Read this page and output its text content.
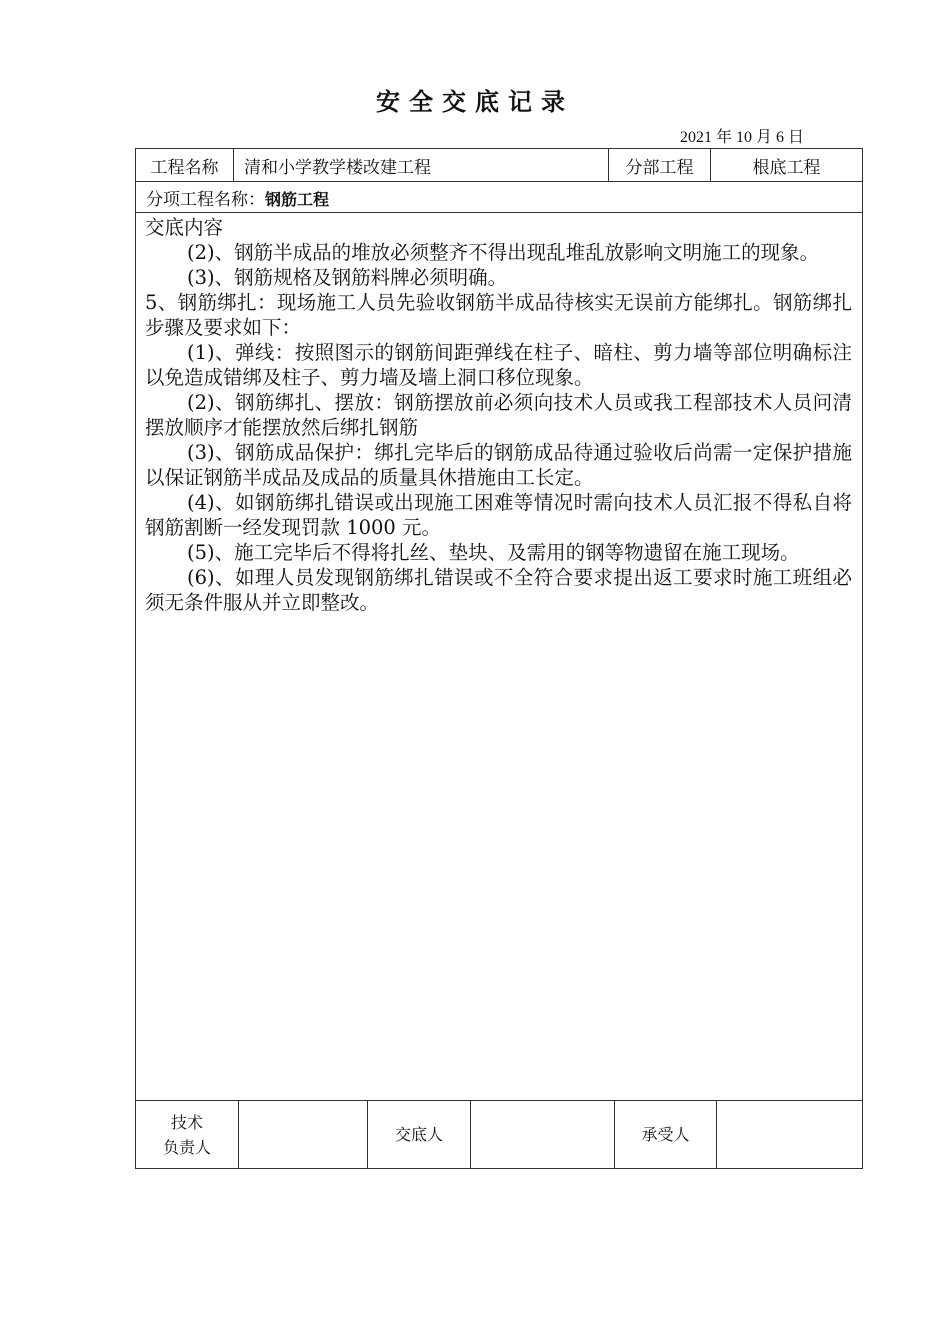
安全交底记录
2021 年 10 月 6 日
工程名称	清和小学教学楼改建工程	分部工程	根底工程
分项工程名称：钢筋工程

交底内容

(2)、钢筋半成品的堆放必须整齐不得出现乱堆乱放影响文明施工的现象。

(3)、钢筋规格及钢筋料牌必须明确。

5、钢筋绑扎：现场施工人员先验收钢筋半成品待核实无误前方能绑扎。钢筋绑扎步骤及要求如下：

(1)、弹线：按照图示的钢筋间距弹线在柱子、暗柱、剪力墙等部位明确标注以免造成错绑及柱子、剪力墙及墙上洞口移位现象。

(2)、钢筋绑扎、摆放：钢筋摆放前必须向技术人员或我工程部技术人员问清摆放顺序才能摆放然后绑扎钢筋

(3)、钢筋成品保护：绑扎完毕后的钢筋成品待通过验收后尚需一定保护措施以保证钢筋半成品及成品的质量具休措施由工长定。

(4)、如钢筋绑扎错误或出现施工困难等情况时需向技术人员汇报不得私自将钢筋割断一经发现罚款 1000 元。

(5)、施工完毕后不得将扎丝、垫块、及需用的钢等物遗留在施工现场。

(6)、如理人员发现钢筋绑扎错误或不全符合要求提出返工要求时施工班组必须无条件服从并立即整改。

技术
负责人		交底人		承受人	
